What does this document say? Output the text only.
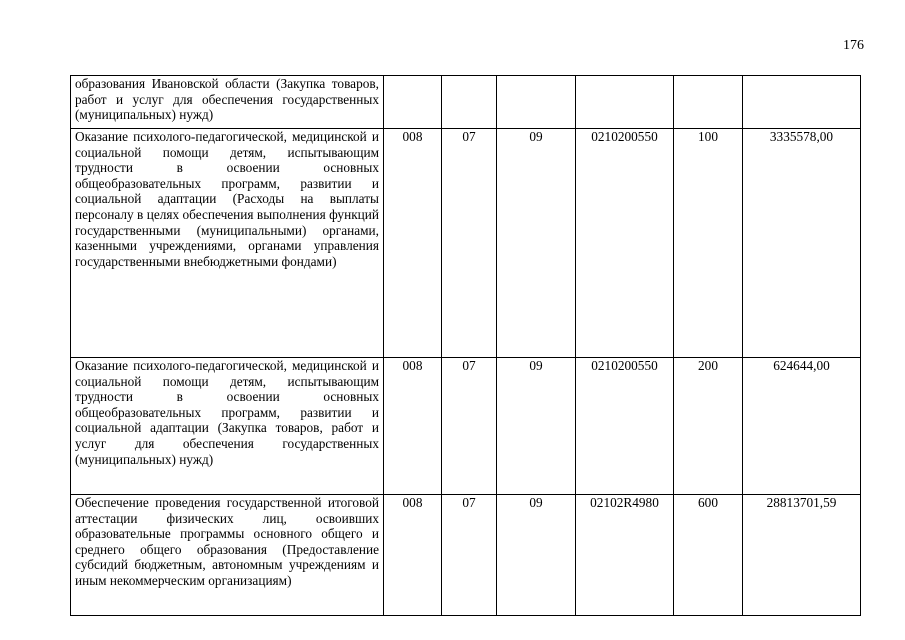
176
образования Ивановской области (Закупка товаров, работ и услуг для обеспечения государственных (муниципальных) нужд)						
Оказание психолого-педагогической, медицинской и социальной помощи детям, испытывающим трудности в освоении основных общеобразовательных программ, развитии и социальной адаптации (Расходы на выплаты персоналу в целях обеспечения выполнения функций государственными (муниципальными) органами, казенными учреждениями, органами управления государственными внебюджетными фондами)	008	07	09	0210200550	100	3335578,00
Оказание психолого-педагогической, медицинской и социальной помощи детям, испытывающим трудности в освоении основных общеобразовательных программ, развитии и социальной адаптации (Закупка товаров, работ и услуг для обеспечения государственных (муниципальных) нужд)	008	07	09	0210200550	200	624644,00
Обеспечение проведения государственной итоговой аттестации физических лиц, освоивших образовательные программы основного общего и среднего общего образования (Предоставление субсидий бюджетным, автономным учреждениям и иным некоммерческим организациям)	008	07	09	02102R4980	600	28813701,59
